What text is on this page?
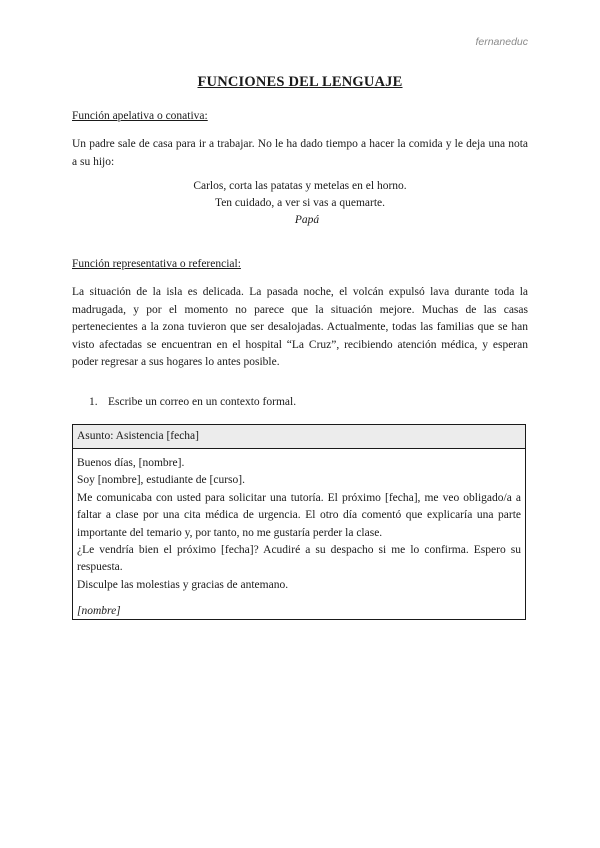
fernaneduc
FUNCIONES DEL LENGUAJE
Función apelativa o conativa:
Un padre sale de casa para ir a trabajar. No le ha dado tiempo a hacer la comida y le deja una nota a su hijo:
Carlos, corta las patatas y metelas en el horno.
Ten cuidado, a ver si vas a quemarte.
Papá
Función representativa o referencial:
La situación de la isla es delicada. La pasada noche, el volcán expulsó lava durante toda la madrugada, y por el momento no parece que la situación mejore. Muchas de las casas pertenecientes a la zona tuvieron que ser desalojadas. Actualmente, todas las familias que se han visto afectadas se encuentran en el hospital “La Cruz”, recibiendo atención médica, y esperan poder regresar a sus hogares lo antes posible.
1. Escribe un correo en un contexto formal.
Asunto: Asistencia [fecha]

Buenos días, [nombre].

Soy [nombre], estudiante de [curso].

Me comunicaba con usted para solicitar una tutoría. El próximo [fecha], me veo obligado/a a faltar a clase por una cita médica de urgencia. El otro día comentó que explicaría una parte importante del temario y, por tanto, no me gustaría perder la clase.

¿Le vendría bien el próximo [fecha]? Acudiré a su despacho si me lo confirma. Espero su respuesta.

Disculpe las molestias y gracias de antemano.

[nombre]
